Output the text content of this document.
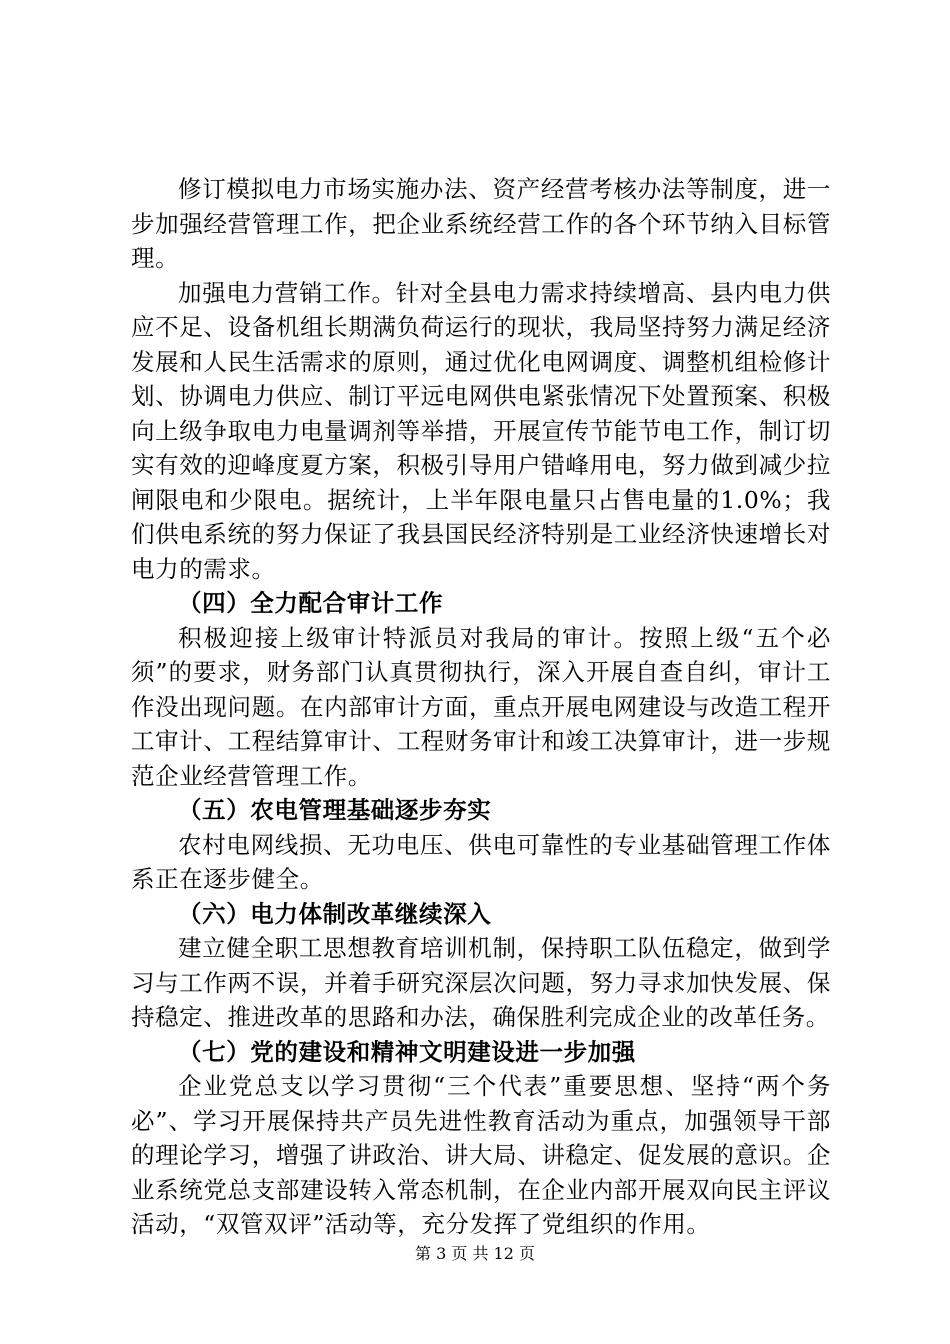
修订模拟电力市场实施办法、资产经营考核办法等制度，进一步加强经营管理工作，把企业系统经营工作的各个环节纳入目标管理。

加强电力营销工作。针对全县电力需求持续增高、县内电力供应不足、设备机组长期满负荷运行的现状，我局坚持努力满足经济发展和人民生活需求的原则，通过优化电网调度、调整机组检修计划、协调电力供应、制订平远电网供电紧张情况下处置预案、积极向上级争取电力电量调剂等举措，开展宣传节能节电工作，制订切实有效的迎峰度夏方案，积极引导用户错峰用电，努力做到减少拉闸限电和少限电。据统计，上半年限电量只占售电量的1.0%；我们供电系统的努力保证了我县国民经济特别是工业经济快速增长对电力的需求。

（四）全力配合审计工作

积极迎接上级审计特派员对我局的审计。按照上级“五个必须”的要求，财务部门认真贯彻执行，深入开展自查自纠，审计工作没出现问题。在内部审计方面，重点开展电网建设与改造工程开工审计、工程结算审计、工程财务审计和竣工决算审计，进一步规范企业经营管理工作。

（五）农电管理基础逐步夯实

农村电网线损、无功电压、供电可靠性的专业基础管理工作体系正在逐步健全。

（六）电力体制改革继续深入

建立健全职工思想教育培训机制，保持职工队伍稳定，做到学习与工作两不误，并着手研究深层次问题，努力寻求加快发展、保持稳定、推进改革的思路和办法，确保胜利完成企业的改革任务。

（七）党的建设和精神文明建设进一步加强

企业党总支以学习贯彻“三个代表”重要思想、坚持“两个务必”、学习开展保持共产员先进性教育活动为重点，加强领导干部的理论学习，增强了讲政治、讲大局、讲稳定、促发展的意识。企业系统党总支部建设转入常态机制，在企业内部开展双向民主评议活动，“双管双评”活动等，充分发挥了党组织的作用。

第 3 页 共 12 页
